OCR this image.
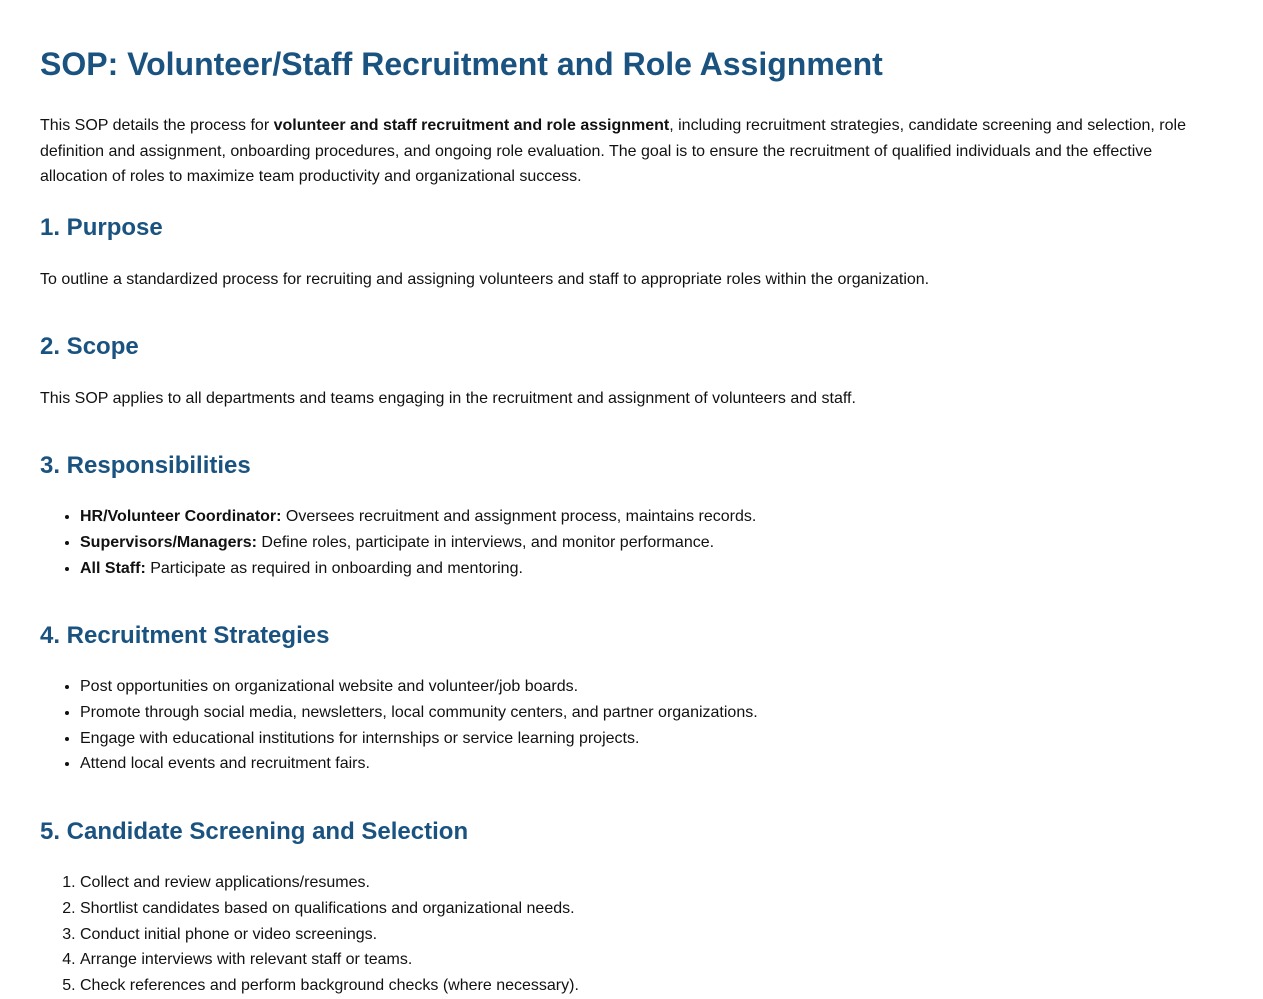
SOP: Volunteer/Staff Recruitment and Role Assignment

This SOP details the process for volunteer and staff recruitment and role assignment, including recruitment strategies, candidate screening and selection, role definition and assignment, onboarding procedures, and ongoing role evaluation. The goal is to ensure the recruitment of qualified individuals and the effective allocation of roles to maximize team productivity and organizational success.

1. Purpose

To outline a standardized process for recruiting and assigning volunteers and staff to appropriate roles within the organization.

2. Scope

This SOP applies to all departments and teams engaging in the recruitment and assignment of volunteers and staff.

3. Responsibilities
• HR/Volunteer Coordinator: Oversees recruitment and assignment process, maintains records.
• Supervisors/Managers: Define roles, participate in interviews, and monitor performance.
• All Staff: Participate as required in onboarding and mentoring.
4. Recruitment Strategies
• Post opportunities on organizational website and volunteer/job boards.
• Promote through social media, newsletters, local community centers, and partner organizations.
• Engage with educational institutions for internships or service learning projects.
• Attend local events and recruitment fairs.
5. Candidate Screening and Selection
1. Collect and review applications/resumes.
2. Shortlist candidates based on qualifications and organizational needs.
3. Conduct initial phone or video screenings.
4. Arrange interviews with relevant staff or teams.
5. Check references and perform background checks (where necessary).
